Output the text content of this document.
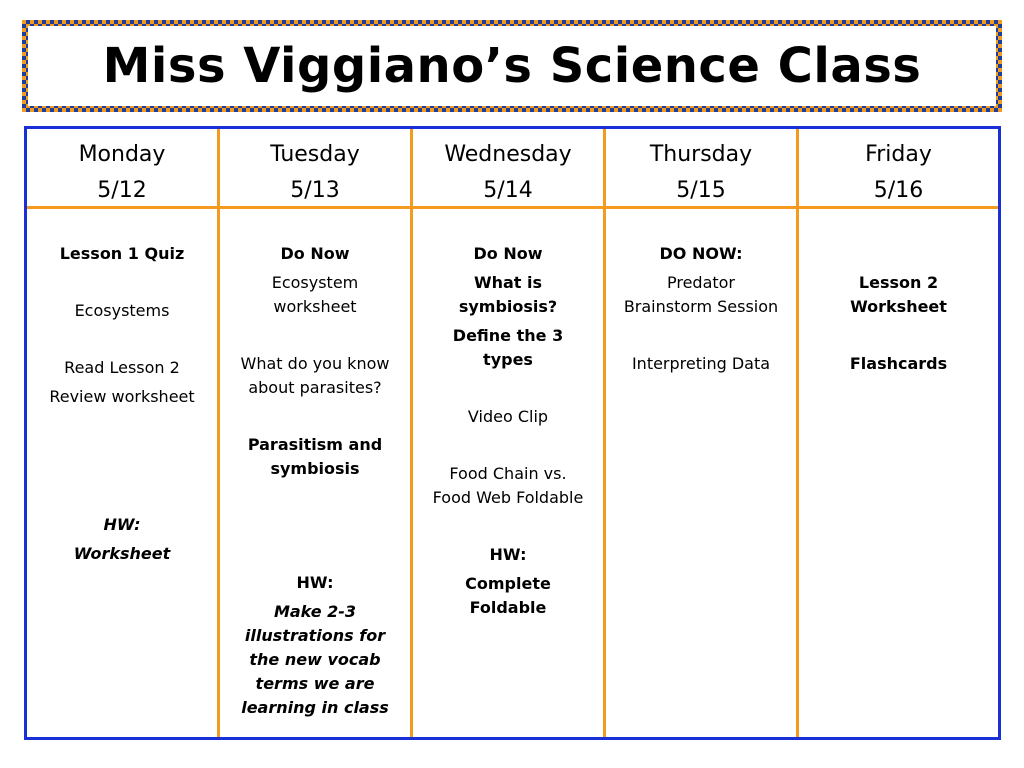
Miss Viggiano’s Science Class
Monday
5/12
Tuesday
5/13
Wednesday
5/14
Thursday
5/15
Friday
5/16
Lesson 1 Quiz
Ecosystems
Read Lesson 2
Review worksheet
HW:
Worksheet
Do Now
Ecosystem
worksheet
What do you know
about parasites?
Parasitism and
symbiosis
HW:
Make 2-3
illustrations for
the new vocab
terms we are
learning in class
Do Now
What is
symbiosis?
Define the 3
types
Video Clip
Food Chain vs.
Food Web Foldable
HW:
Complete
Foldable
DO NOW:
Predator
Brainstorm Session
Interpreting Data
Lesson 2
Worksheet
Flashcards
